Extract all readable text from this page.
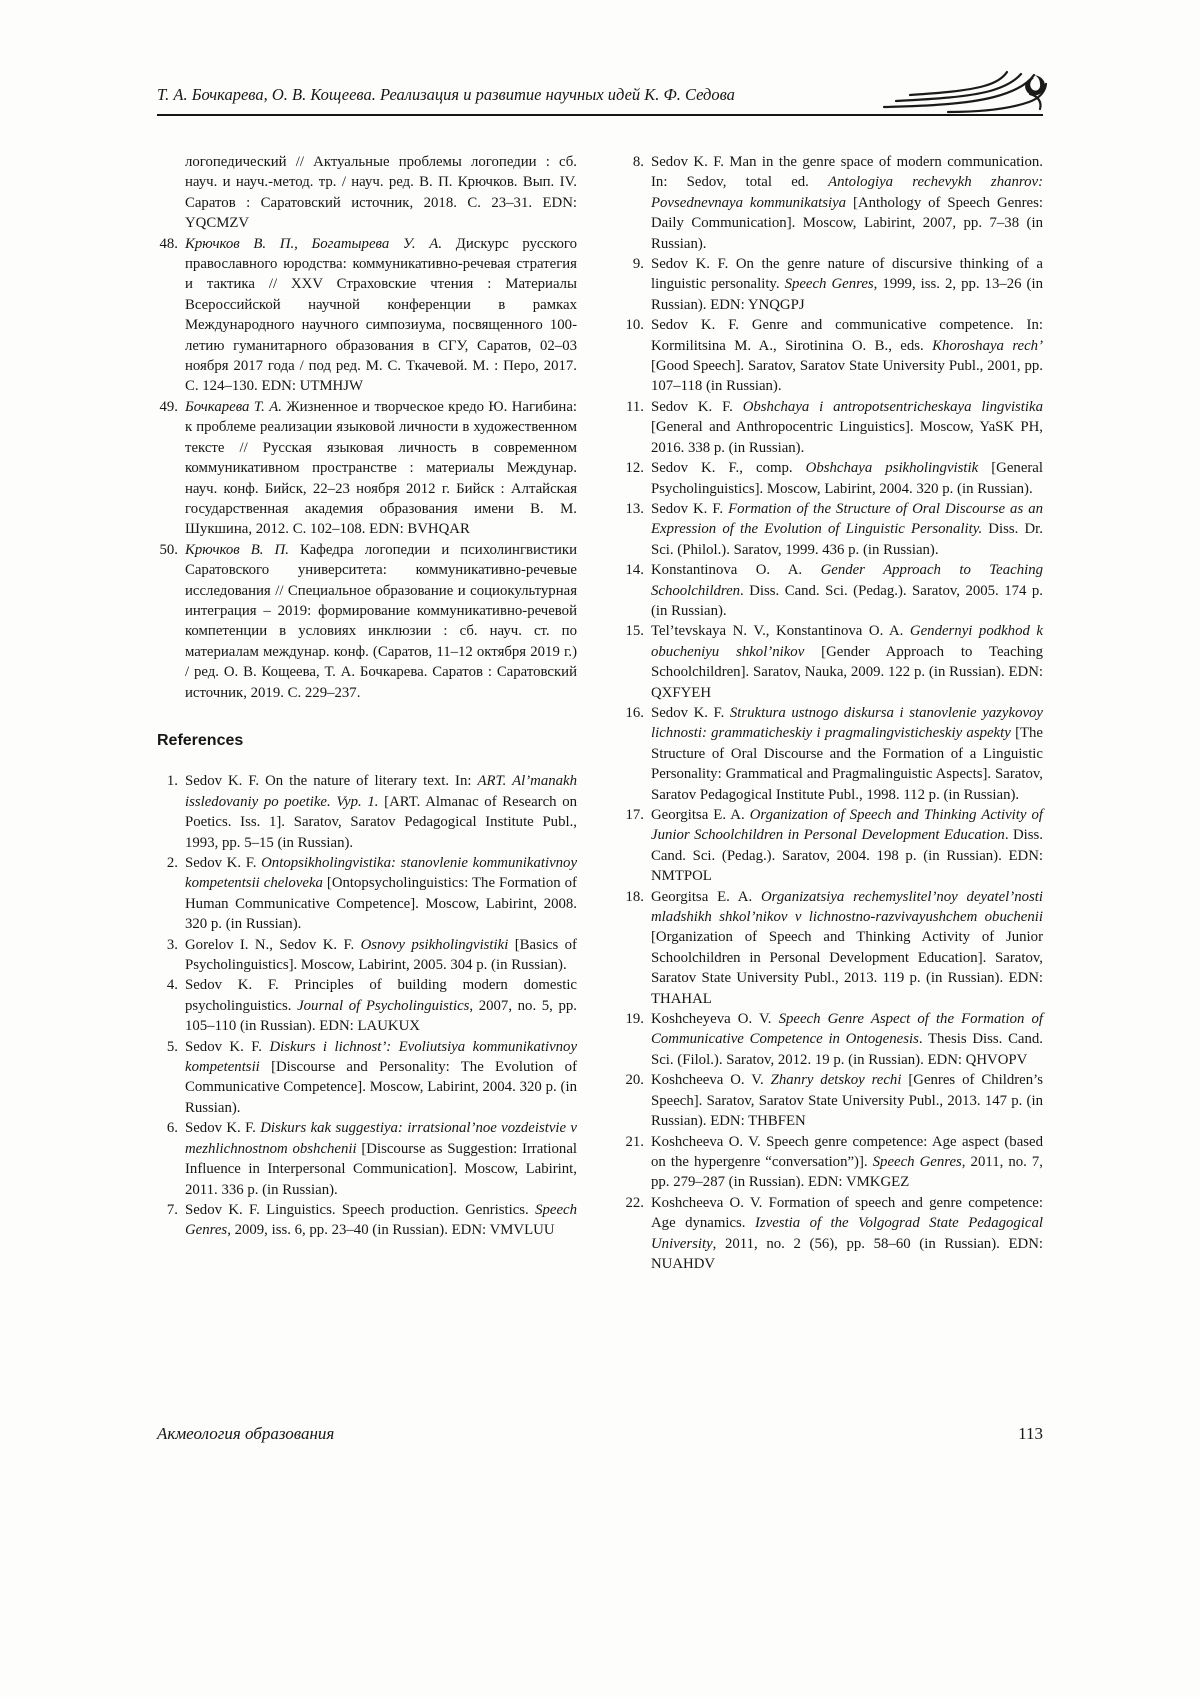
Т. А. Бочкарева, О. В. Кощеева. Реализация и развитие научных идей К. Ф. Седова
логопедический // Актуальные проблемы логопедии : сб. науч. и науч.-метод. тр. / науч. ред. В. П. Крючков. Вып. IV. Саратов : Саратовский источник, 2018. С. 23–31. EDN: YQCMZV
48. Крючков В. П., Богатырева У. А. Дискурс русского православного юродства: коммуникативно-речевая стратегия и тактика // XXV Страховские чтения : Материалы Всероссийской научной конференции в рамках Международного научного симпозиума, посвященного 100-летию гуманитарного образования в СГУ, Саратов, 02–03 ноября 2017 года / под ред. М. С. Ткачевой. М. : Перо, 2017. С. 124–130. EDN: UTMHJW
49. Бочкарева Т. А. Жизненное и творческое кредо Ю. Нагибина: к проблеме реализации языковой личности в художественном тексте // Русская языковая личность в современном коммуникативном пространстве : материалы Междунар. науч. конф. Бийск, 22–23 ноября 2012 г. Бийск : Алтайская государственная академия образования имени В. М. Шукшина, 2012. С. 102–108. EDN: BVHQAR
50. Крючков В. П. Кафедра логопедии и психолингвистики Саратовского университета: коммуникативно-речевые исследования // Специальное образование и социокультурная интеграция – 2019: формирование коммуникативно-речевой компетенции в условиях инклюзии : сб. науч. ст. по материалам междунар. конф. (Саратов, 11–12 октября 2019 г.) / ред. О. В. Кощеева, Т. А. Бочкарева. Саратов : Саратовский источник, 2019. С. 229–237.
References
1. Sedov K. F. On the nature of literary text. In: ART. Al’manakh issledovaniy po poetike. Vyp. 1. [ART. Almanac of Research on Poetics. Iss. 1]. Saratov, Saratov Pedagogical Institute Publ., 1993, pp. 5–15 (in Russian).
2. Sedov K. F. Ontopsikholingvistika: stanovlenie kommunikativnoy kompetentsii cheloveka [Ontopsycholinguistics: The Formation of Human Communicative Competence]. Moscow, Labirint, 2008. 320 p. (in Russian).
3. Gorelov I. N., Sedov K. F. Osnovy psikholingvistiki [Basics of Psycholinguistics]. Moscow, Labirint, 2005. 304 p. (in Russian).
4. Sedov K. F. Principles of building modern domestic psycholinguistics. Journal of Psycholinguistics, 2007, no. 5, pp. 105–110 (in Russian). EDN: LAUKUX
5. Sedov K. F. Diskurs i lichnost’: Evoliutsiya kommunikativnoy kompetentsii [Discourse and Personality: The Evolution of Communicative Competence]. Moscow, Labirint, 2004. 320 p. (in Russian).
6. Sedov K. F. Diskurs kak suggestiya: irratsional’noe vozdeistvie v mezhlichnostnom obshchenii [Discourse as Suggestion: Irrational Influence in Interpersonal Communication]. Moscow, Labirint, 2011. 336 p. (in Russian).
7. Sedov K. F. Linguistics. Speech production. Genristics. Speech Genres, 2009, iss. 6, pp. 23–40 (in Russian). EDN: VMVLUU
8. Sedov K. F. Man in the genre space of modern communication. In: Sedov, total ed. Antologiya rechevykh zhanrov: Povsednevnaya kommunikatsiya [Anthology of Speech Genres: Daily Communication]. Moscow, Labirint, 2007, pp. 7–38 (in Russian).
9. Sedov K. F. On the genre nature of discursive thinking of a linguistic personality. Speech Genres, 1999, iss. 2, pp. 13–26 (in Russian). EDN: YNQGPJ
10. Sedov K. F. Genre and communicative competence. In: Kormilitsina M. A., Sirotinina O. B., eds. Khoroshaya rech’ [Good Speech]. Saratov, Saratov State University Publ., 2001, pp. 107–118 (in Russian).
11. Sedov K. F. Obshchaya i antropotsentricheskaya lingvistika [General and Anthropocentric Linguistics]. Moscow, YaSK PH, 2016. 338 p. (in Russian).
12. Sedov K. F., comp. Obshchaya psikholingvistik [General Psycholinguistics]. Moscow, Labirint, 2004. 320 p. (in Russian).
13. Sedov K. F. Formation of the Structure of Oral Discourse as an Expression of the Evolution of Linguistic Personality. Diss. Dr. Sci. (Philol.). Saratov, 1999. 436 p. (in Russian).
14. Konstantinova O. A. Gender Approach to Teaching Schoolchildren. Diss. Cand. Sci. (Pedag.). Saratov, 2005. 174 p. (in Russian).
15. Tel’tevskaya N. V., Konstantinova O. A. Gendernyi podkhod k obucheniyu shkol’nikov [Gender Approach to Teaching Schoolchildren]. Saratov, Nauka, 2009. 122 p. (in Russian). EDN: QXFYEH
16. Sedov K. F. Struktura ustnogo diskursa i stanovlenie yazykovoy lichnosti: grammaticheskiy i pragmalingvisticheskiy aspekty [The Structure of Oral Discourse and the Formation of a Linguistic Personality: Grammatical and Pragmalinguistic Aspects]. Saratov, Saratov Pedagogical Institute Publ., 1998. 112 p. (in Russian).
17. Georgitsa E. A. Organization of Speech and Thinking Activity of Junior Schoolchildren in Personal Development Education. Diss. Cand. Sci. (Pedag.). Saratov, 2004. 198 p. (in Russian). EDN: NMTPOL
18. Georgitsa E. A. Organizatsiya rechemyslitel’noy deyatel’nosti mladshikh shkol’nikov v lichnostno-razvivayushchem obuchenii [Organization of Speech and Thinking Activity of Junior Schoolchildren in Personal Development Education]. Saratov, Saratov State University Publ., 2013. 119 p. (in Russian). EDN: THAHAL
19. Koshcheyeva O. V. Speech Genre Aspect of the Formation of Communicative Competence in Ontogenesis. Thesis Diss. Cand. Sci. (Filol.). Saratov, 2012. 19 p. (in Russian). EDN: QHVOPV
20. Koshcheeva O. V. Zhanry detskoy rechi [Genres of Children’s Speech]. Saratov, Saratov State University Publ., 2013. 147 p. (in Russian). EDN: THBFEN
21. Koshcheeva O. V. Speech genre competence: Age aspect (based on the hypergenre “conversation”)]. Speech Genres, 2011, no. 7, pp. 279–287 (in Russian). EDN: VMKGEZ
22. Koshcheeva O. V. Formation of speech and genre competence: Age dynamics. Izvestia of the Volgograd State Pedagogical University, 2011, no. 2 (56), pp. 58–60 (in Russian). EDN: NUAHDV
Акмеология образования	113
